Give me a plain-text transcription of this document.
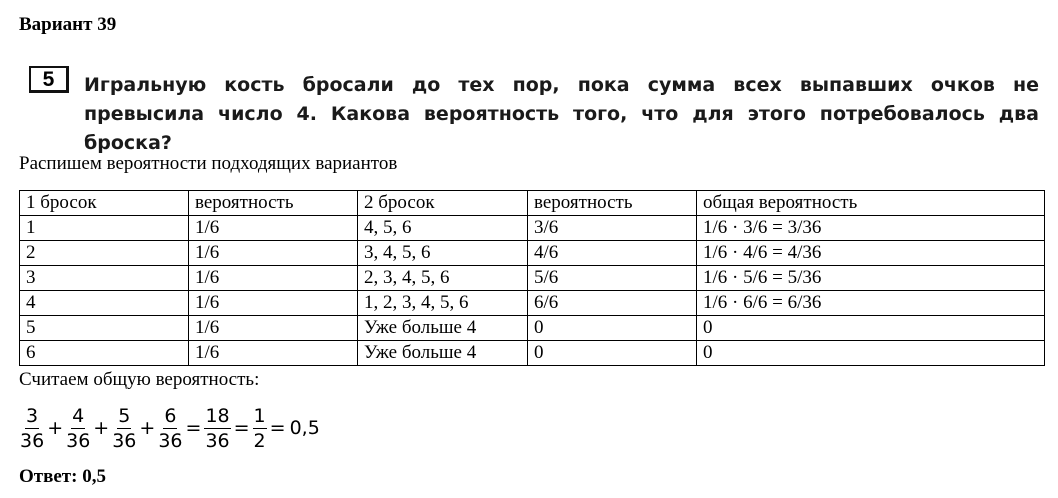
Вариант 39
5	Игральную кость бросали до тех пор, пока сумма всех выпавших очков не превысила число 4. Какова вероятность того, что для этого потребовалось два броска?
Распишем вероятности подходящих вариантов
1 бросок	вероятность	2 бросок	вероятность	общая вероятность
1	1/6	4, 5, 6	3/6	1/6 · 3/6 = 3/36
2	1/6	3, 4, 5, 6	4/6	1/6 · 4/6 = 4/36
3	1/6	2, 3, 4, 5, 6	5/6	1/6 · 5/6 = 5/36
4	1/6	1, 2, 3, 4, 5, 6	6/6	1/6 · 6/6 = 6/36
5	1/6	Уже больше 4	0	0
6	1/6	Уже больше 4	0	0
Считаем общую вероятность:
$\frac{3}{36} + \frac{4}{36} + \frac{5}{36} + \frac{6}{36} = \frac{18}{36} = \frac{1}{2} = 0,5$
Ответ: 0,5
